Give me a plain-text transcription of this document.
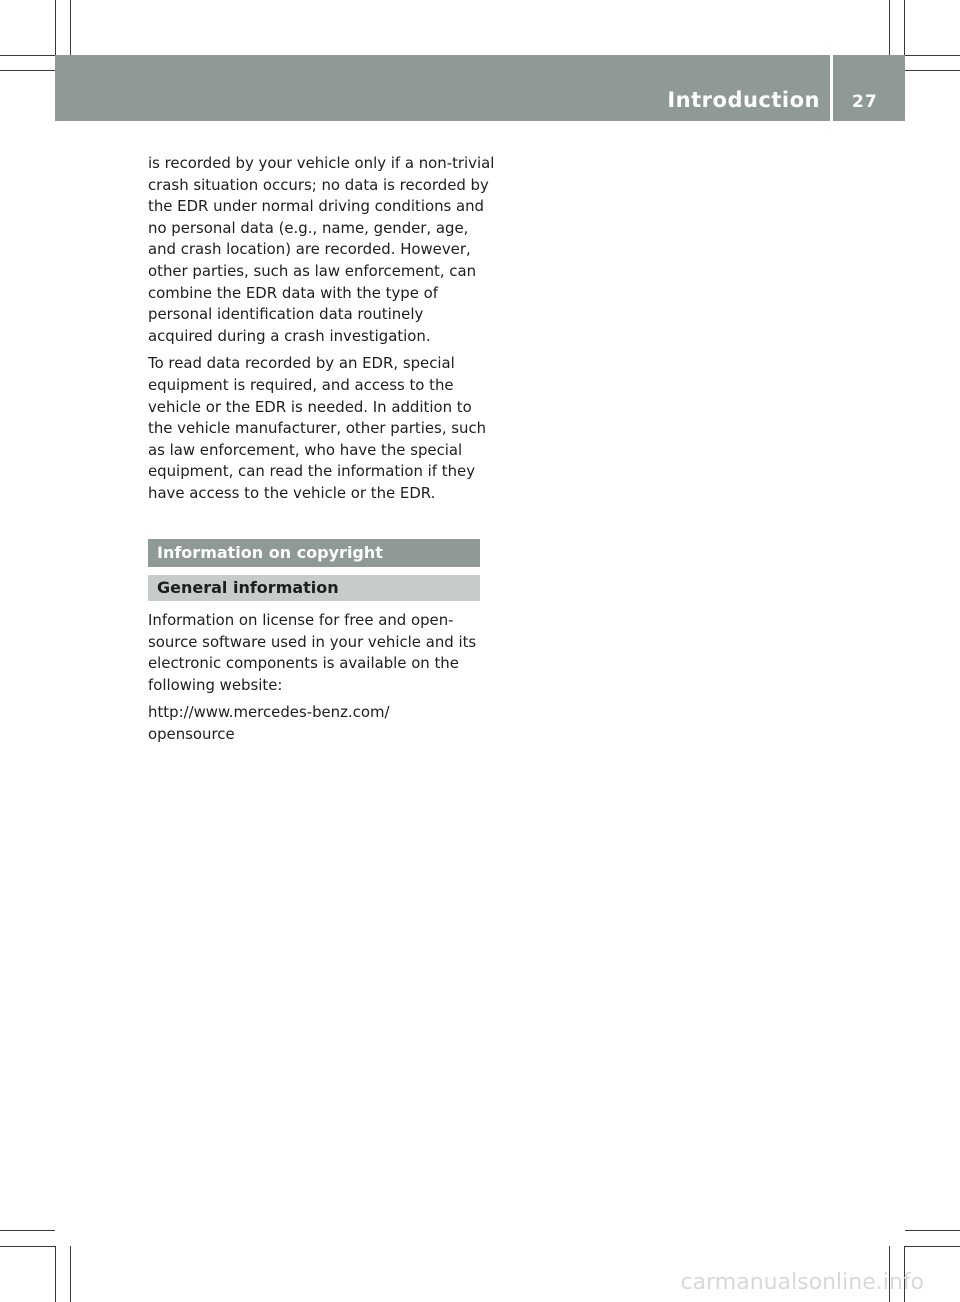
Introduction 27

is recorded by your vehicle only if a non-trivial
crash situation occurs; no data is recorded by
the EDR under normal driving conditions and
no personal data (e.g., name, gender, age,
and crash location) are recorded. However,
other parties, such as law enforcement, can
combine the EDR data with the type of
personal identification data routinely
acquired during a crash investigation.

To read data recorded by an EDR, special
equipment is required, and access to the
vehicle or the EDR is needed. In addition to
the vehicle manufacturer, other parties, such
as law enforcement, who have the special
equipment, can read the information if they
have access to the vehicle or the EDR.

Information on copyright
General information

Information on license for free and open-
source software used in your vehicle and its
electronic components is available on the
following website:

http://www.mercedes-benz.com/
opensource

carmanualsonline.info
